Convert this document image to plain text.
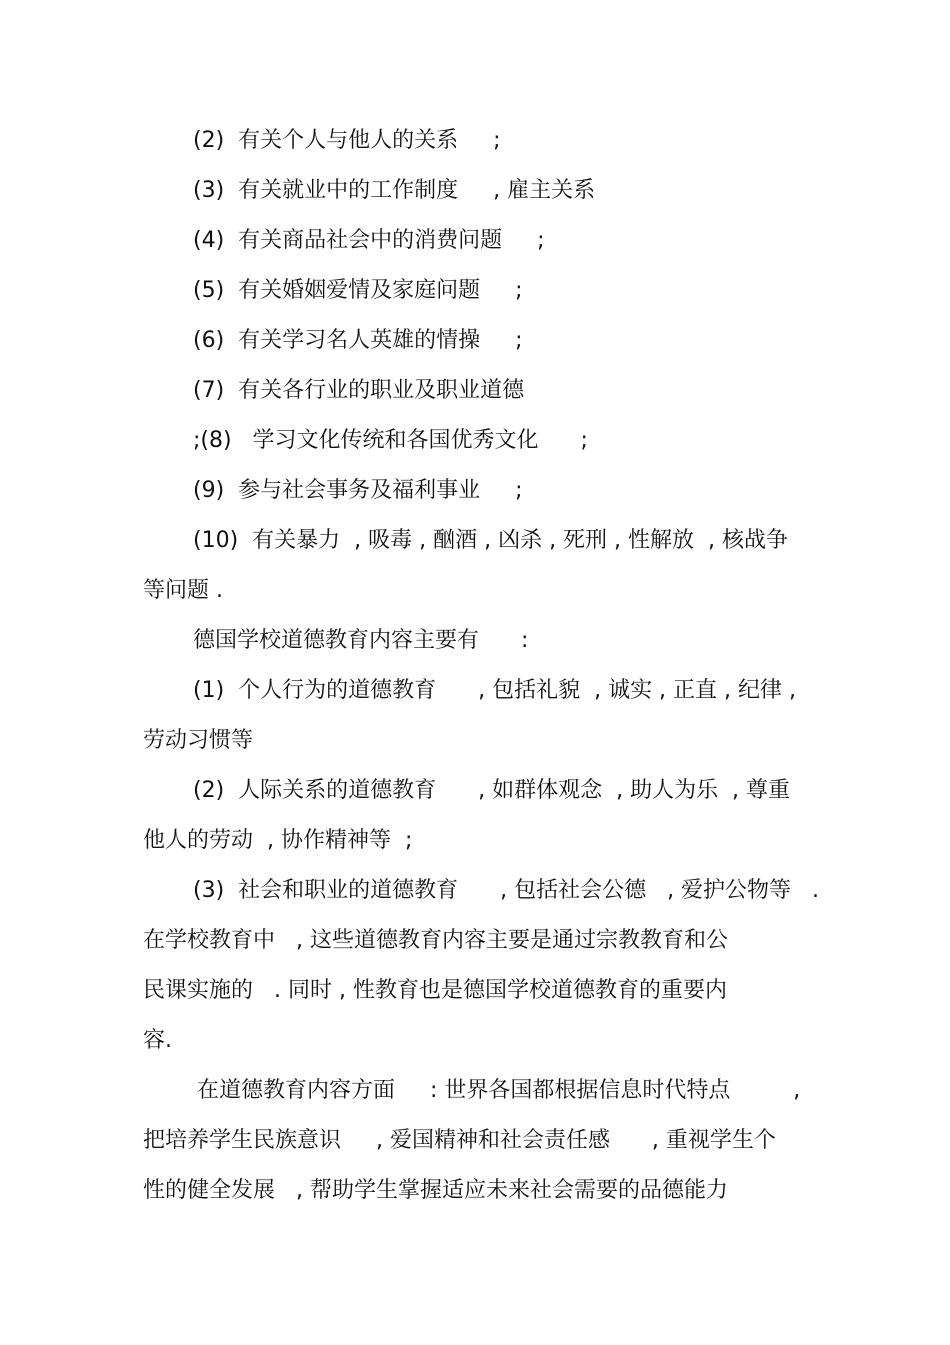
(2)  有关个人与他人的关系     ;
(3)  有关就业中的工作制度     , 雇主关系
(4)  有关商品社会中的消费问题     ;
(5)  有关婚姻爱情及家庭问题     ;
(6)  有关学习名人英雄的情操     ;
(7)  有关各行业的职业及职业道德
;(8)   学习文化传统和各国优秀文化      ;
(9)  参与社会事务及福利事业     ;
(10)  有关暴力  , 吸毒 , 酗酒 , 凶杀 , 死刑 , 性解放  , 核战争
等问题 .
德国学校道德教育内容主要有      :
(1)  个人行为的道德教育      , 包括礼貌  , 诚实 , 正直 , 纪律 ,
劳动习惯等
(2)  人际关系的道德教育      , 如群体观念  , 助人为乐  , 尊重
他人的劳动  , 协作精神等  ;
(3)  社会和职业的道德教育      , 包括社会公德   , 爱护公物等   .
在学校教育中   , 这些道德教育内容主要是通过宗教教育和公
民课实施的   . 同时 , 性教育也是德国学校道德教育的重要内
容.
在道德教育内容方面     : 世界各国都根据信息时代特点         ,
把培养学生民族意识     , 爱国精神和社会责任感      , 重视学生个
性的健全发展   , 帮助学生掌握适应未来社会需要的品德能力
